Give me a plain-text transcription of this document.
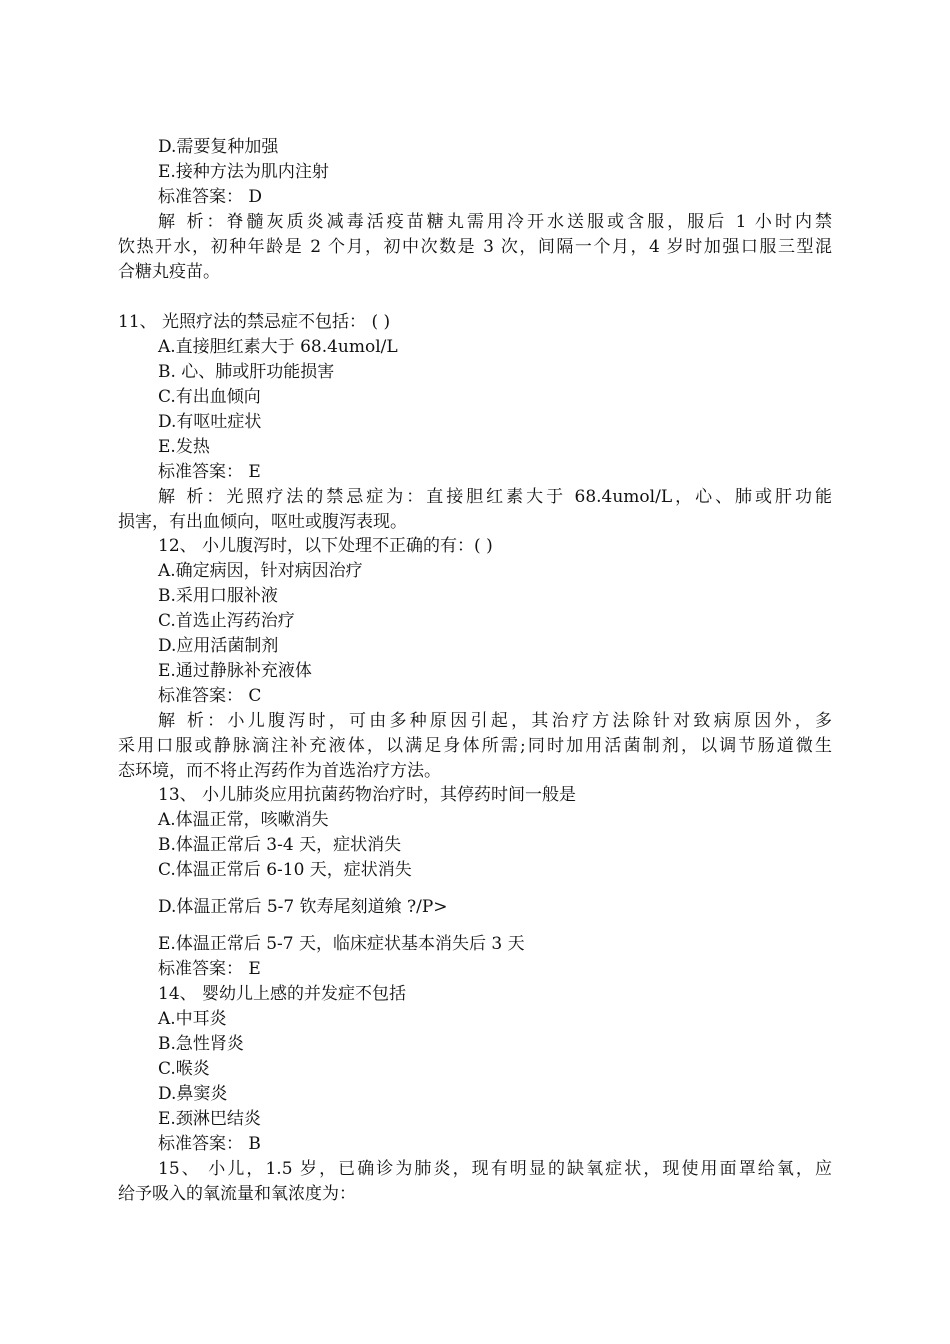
D.需要复种加强
E.接种方法为肌内注射
标准答案： D
解 析：脊髓灰质炎减毒活疫苗糖丸需用冷开水送服或含服，服后 1 小时内禁
饮热开水，初种年龄是 2 个月，初中次数是 3 次，间隔一个月，4 岁时加强口服三型混
合糖丸疫苗。
11、 光照疗法的禁忌症不包括： ( )
A.直接胆红素大于 68.4umol/L
B. 心、肺或肝功能损害
C.有出血倾向
D.有呕吐症状
E.发热
标准答案： E
解 析：光照疗法的禁忌症为：直接胆红素大于 68.4umol/L，心、肺或肝功能
损害，有出血倾向，呕吐或腹泻表现。
12、 小儿腹泻时，以下处理不正确的有：( )
A.确定病因，针对病因治疗
B.采用口服补液
C.首选止泻药治疗
D.应用活菌制剂
E.通过静脉补充液体
标准答案： C
解 析：小儿腹泻时，可由多种原因引起，其治疗方法除针对致病原因外，多
采用口服或静脉滴注补充液体，以满足身体所需;同时加用活菌制剂，以调节肠道微生
态环境，而不将止泻药作为首选治疗方法。
13、 小儿肺炎应用抗菌药物治疗时，其停药时间一般是
A.体温正常，咳嗽消失
B.体温正常后 3-4 天，症状消失
C.体温正常后 6-10 天，症状消失
D.体温正常后 5-7 钦寿尾刻道飨 ?/P>
E.体温正常后 5-7 天，临床症状基本消失后 3 天
标准答案： E
14、 婴幼儿上感的并发症不包括
A.中耳炎
B.急性肾炎
C.喉炎
D.鼻窦炎
E.颈淋巴结炎
标准答案： B
15、 小儿，1.5 岁，已确诊为肺炎，现有明显的缺氧症状，现使用面罩给氧，应
给予吸入的氧流量和氧浓度为：
